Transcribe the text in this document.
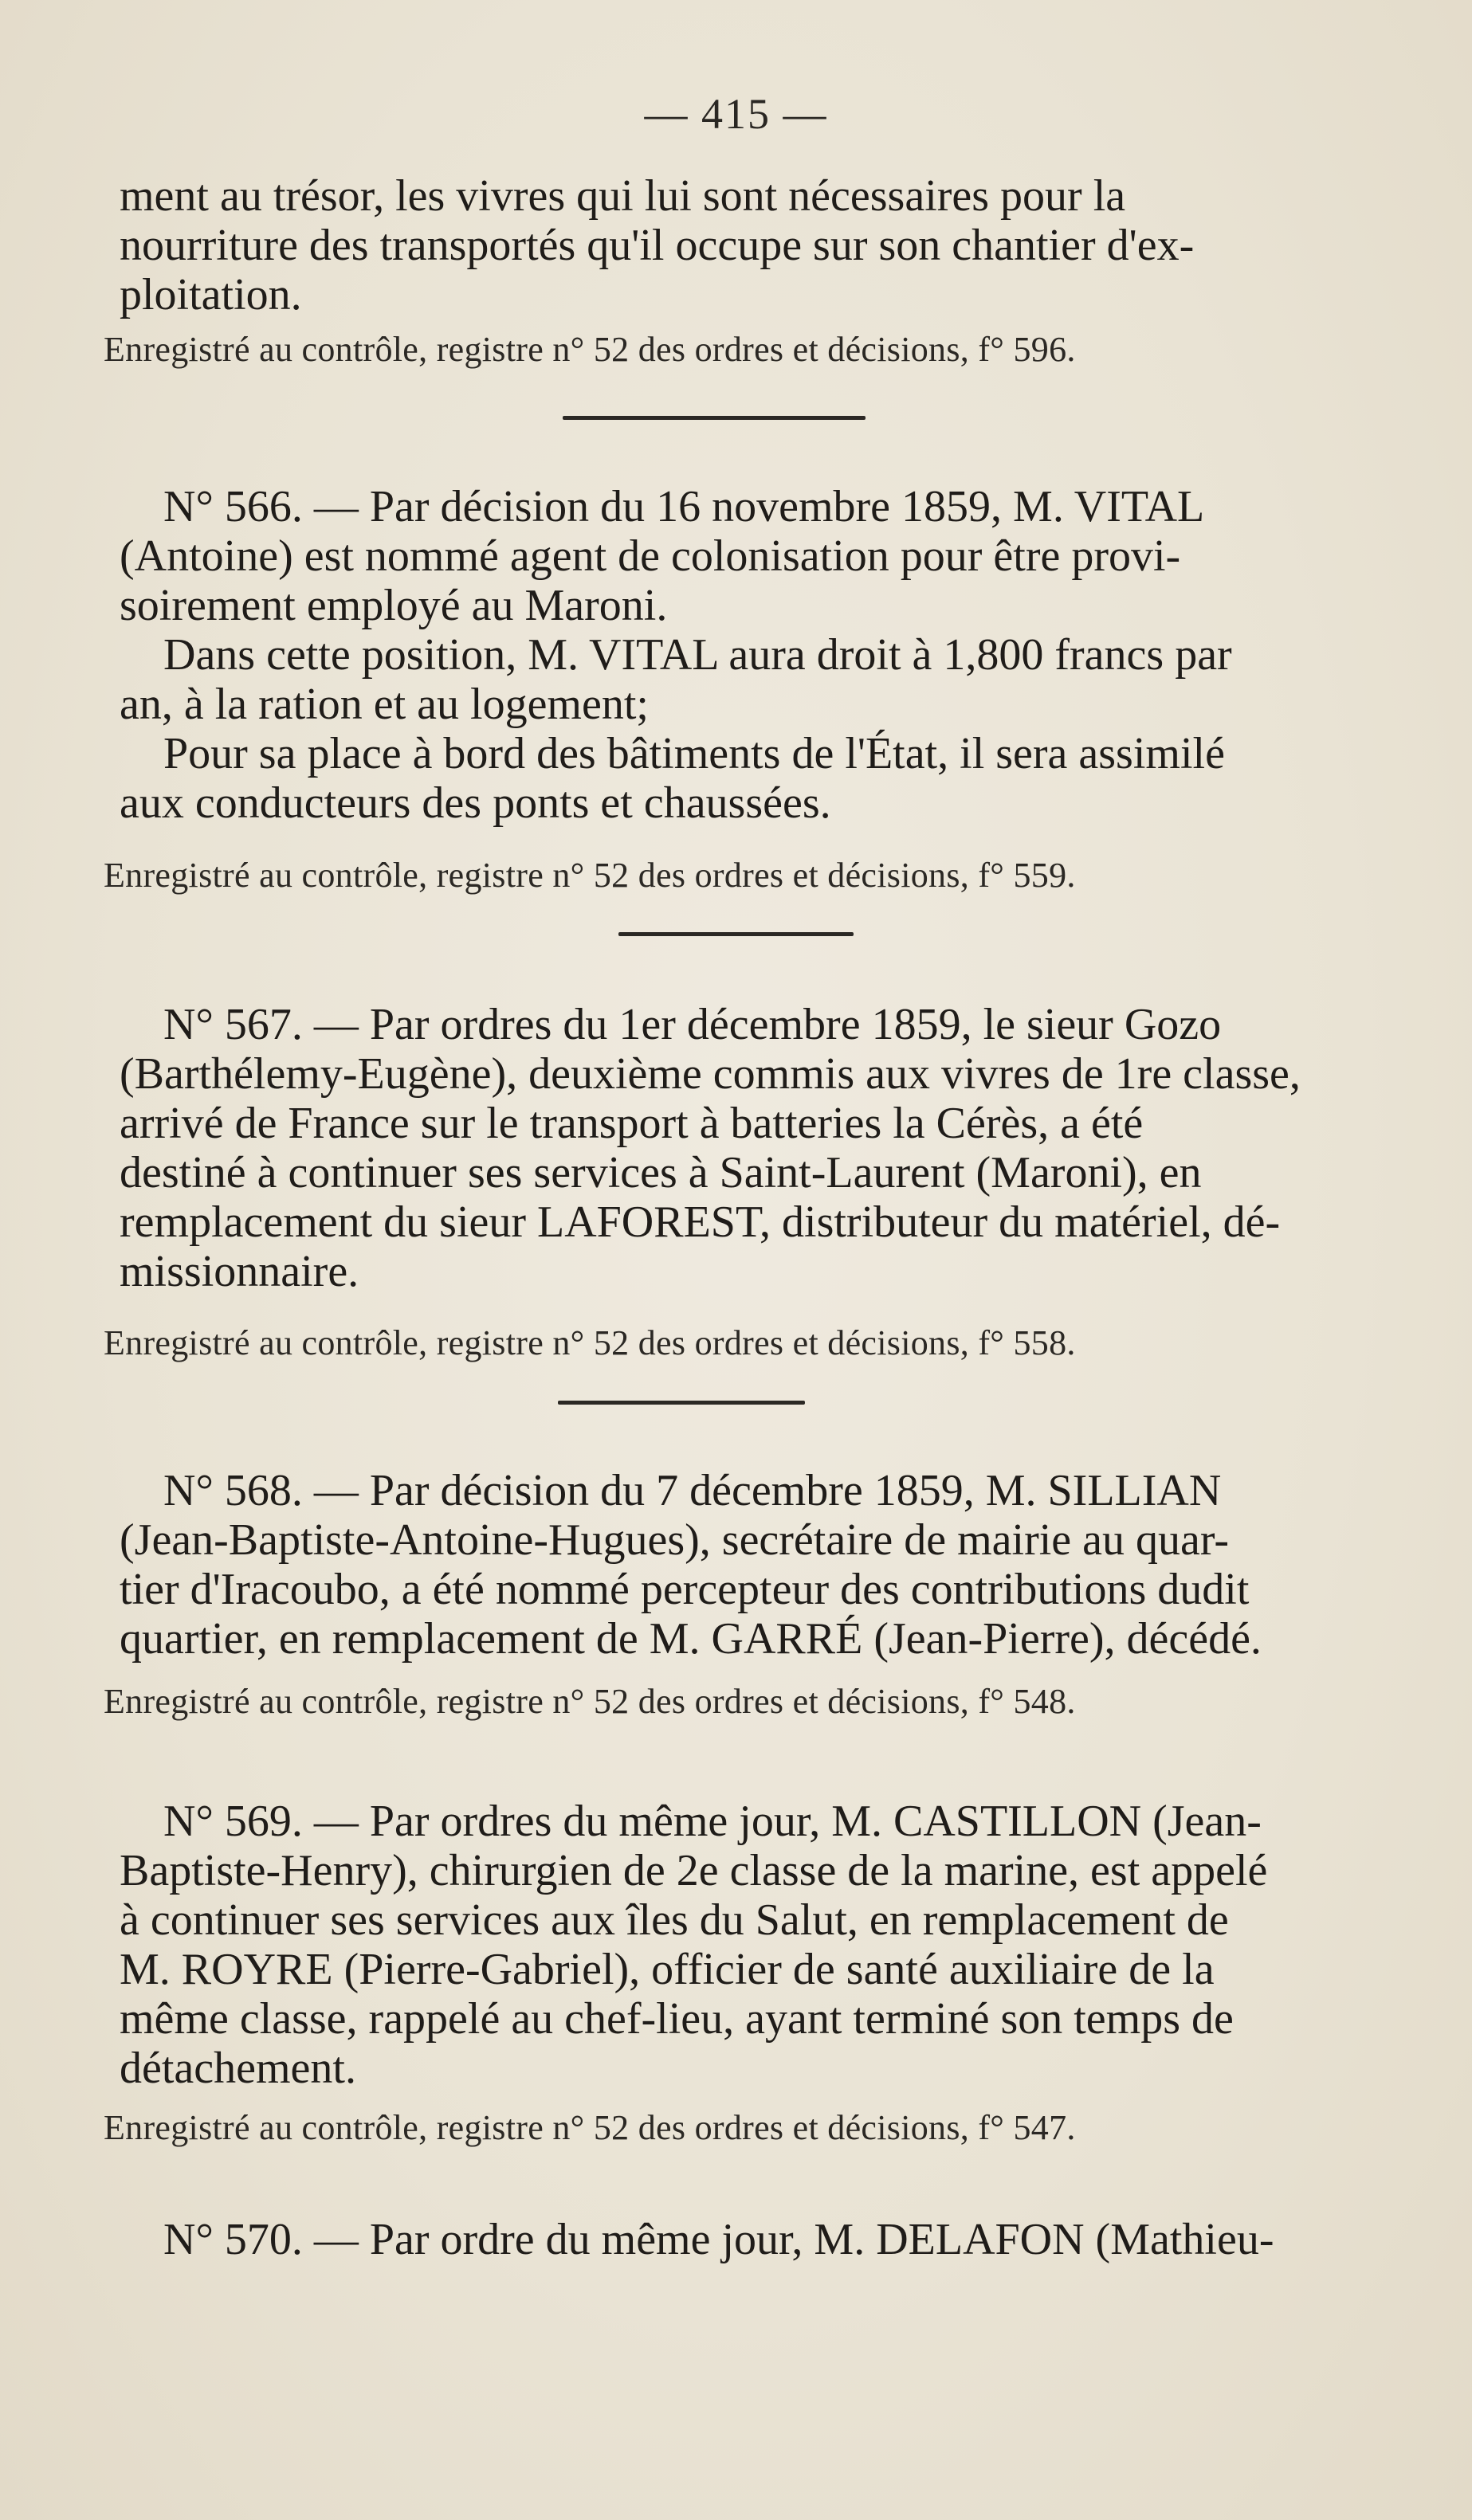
— 415 —
ment au trésor, les vivres qui lui sont nécessaires pour la
nourriture des transportés qu'il occupe sur son chantier d'ex-
ploitation.
Enregistré au contrôle, registre n° 52 des ordres et décisions, f° 596.
N° 566. — Par décision du 16 novembre 1859, M. VITAL
(Antoine) est nommé agent de colonisation pour être provi-
soirement employé au Maroni.
Dans cette position, M. VITAL aura droit à 1,800 francs par
an, à la ration et au logement;
Pour sa place à bord des bâtiments de l'État, il sera assimilé
aux conducteurs des ponts et chaussées.
Enregistré au contrôle, registre n° 52 des ordres et décisions, f° 559.
N° 567. — Par ordres du 1er décembre 1859, le sieur Gozo
(Barthélemy-Eugène), deuxième commis aux vivres de 1re classe,
arrivé de France sur le transport à batteries la Cérès, a été
destiné à continuer ses services à Saint-Laurent (Maroni), en
remplacement du sieur LAFOREST, distributeur du matériel, dé-
missionnaire.
Enregistré au contrôle, registre n° 52 des ordres et décisions, f° 558.
N° 568. — Par décision du 7 décembre 1859, M. SILLIAN
(Jean-Baptiste-Antoine-Hugues), secrétaire de mairie au quar-
tier d'Iracoubo, a été nommé percepteur des contributions dudit
quartier, en remplacement de M. GARRÉ (Jean-Pierre), décédé.
Enregistré au contrôle, registre n° 52 des ordres et décisions, f° 548.
N° 569. — Par ordres du même jour, M. CASTILLON (Jean-
Baptiste-Henry), chirurgien de 2e classe de la marine, est appelé
à continuer ses services aux îles du Salut, en remplacement de
M. ROYRE (Pierre-Gabriel), officier de santé auxiliaire de la
même classe, rappelé au chef-lieu, ayant terminé son temps de
détachement.
Enregistré au contrôle, registre n° 52 des ordres et décisions, f° 547.
N° 570. — Par ordre du même jour, M. DELAFON (Mathieu-
